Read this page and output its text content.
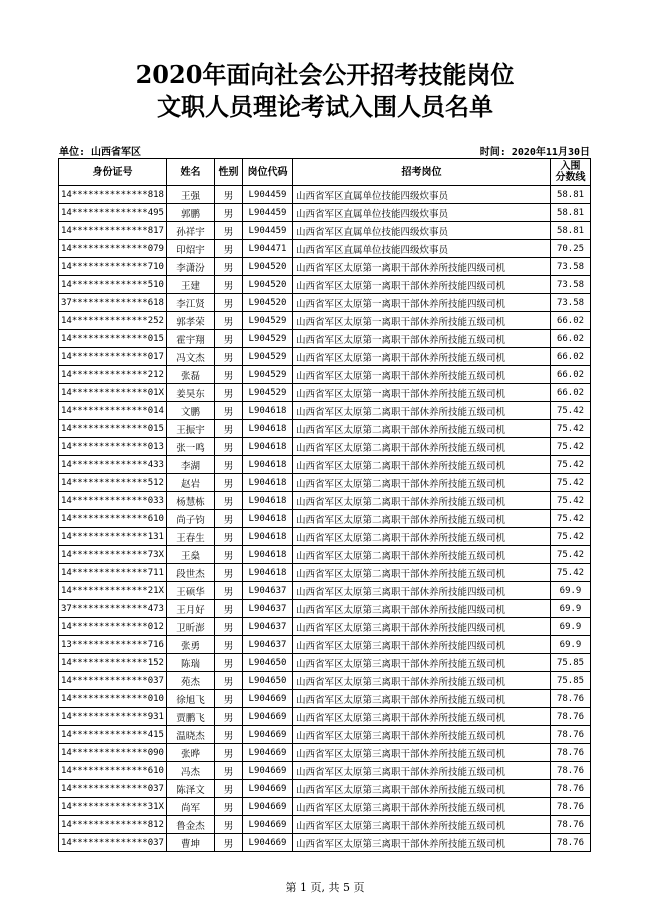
2020年面向社会公开招考技能岗位
文职人员理论考试入围人员名单
单位: 山西省军区	时间: 2020年11月30日
身份证号	姓名	性别	岗位代码	招考岗位	入围
分数线
14**************818	王强	男	L904459	山西省军区直属单位技能四级炊事员	58.81
14**************495	郭鹏	男	L904459	山西省军区直属单位技能四级炊事员	58.81
14**************817	孙祥宇	男	L904459	山西省军区直属单位技能四级炊事员	58.81
14**************079	印炤宇	男	L904471	山西省军区直属单位技能四级炊事员	70.25
14**************710	李潇汾	男	L904520	山西省军区太原第一离职干部休养所技能四级司机	73.58
14**************510	王建	男	L904520	山西省军区太原第一离职干部休养所技能四级司机	73.58
37**************618	李江贤	男	L904520	山西省军区太原第一离职干部休养所技能四级司机	73.58
14**************252	郭孝荣	男	L904529	山西省军区太原第一离职干部休养所技能五级司机	66.02
14**************015	霍宇翔	男	L904529	山西省军区太原第一离职干部休养所技能五级司机	66.02
14**************017	冯文杰	男	L904529	山西省军区太原第一离职干部休养所技能五级司机	66.02
14**************212	张磊	男	L904529	山西省军区太原第一离职干部休养所技能五级司机	66.02
14**************01X	姜昊东	男	L904529	山西省军区太原第一离职干部休养所技能五级司机	66.02
14**************014	文鹏	男	L904618	山西省军区太原第二离职干部休养所技能五级司机	75.42
14**************015	王振宇	男	L904618	山西省军区太原第二离职干部休养所技能五级司机	75.42
14**************013	张一鸣	男	L904618	山西省军区太原第二离职干部休养所技能五级司机	75.42
14**************433	李湖	男	L904618	山西省军区太原第二离职干部休养所技能五级司机	75.42
14**************512	赵岩	男	L904618	山西省军区太原第二离职干部休养所技能五级司机	75.42
14**************033	杨慧栋	男	L904618	山西省军区太原第二离职干部休养所技能五级司机	75.42
14**************610	尚子钧	男	L904618	山西省军区太原第二离职干部休养所技能五级司机	75.42
14**************131	王春生	男	L904618	山西省军区太原第二离职干部休养所技能五级司机	75.42
14**************73X	王燊	男	L904618	山西省军区太原第二离职干部休养所技能五级司机	75.42
14**************711	段世杰	男	L904618	山西省军区太原第二离职干部休养所技能五级司机	75.42
14**************21X	王硕华	男	L904637	山西省军区太原第三离职干部休养所技能四级司机	69.9
37**************473	王月好	男	L904637	山西省军区太原第三离职干部休养所技能四级司机	69.9
14**************012	卫昕澎	男	L904637	山西省军区太原第三离职干部休养所技能四级司机	69.9
13**************716	张勇	男	L904637	山西省军区太原第三离职干部休养所技能四级司机	69.9
14**************152	陈瑞	男	L904650	山西省军区太原第三离职干部休养所技能五级司机	75.85
14**************037	苑杰	男	L904650	山西省军区太原第三离职干部休养所技能五级司机	75.85
14**************010	徐旭飞	男	L904669	山西省军区太原第三离职干部休养所技能五级司机	78.76
14**************931	贾鹏飞	男	L904669	山西省军区太原第三离职干部休养所技能五级司机	78.76
14**************415	温晓杰	男	L904669	山西省军区太原第三离职干部休养所技能五级司机	78.76
14**************090	张晔	男	L904669	山西省军区太原第三离职干部休养所技能五级司机	78.76
14**************610	冯杰	男	L904669	山西省军区太原第三离职干部休养所技能五级司机	78.76
14**************037	陈泽文	男	L904669	山西省军区太原第三离职干部休养所技能五级司机	78.76
14**************31X	尚军	男	L904669	山西省军区太原第三离职干部休养所技能五级司机	78.76
14**************812	鲁金杰	男	L904669	山西省军区太原第三离职干部休养所技能五级司机	78.76
14**************037	曹坤	男	L904669	山西省军区太原第三离职干部休养所技能五级司机	78.76
第 1 页, 共 5 页
